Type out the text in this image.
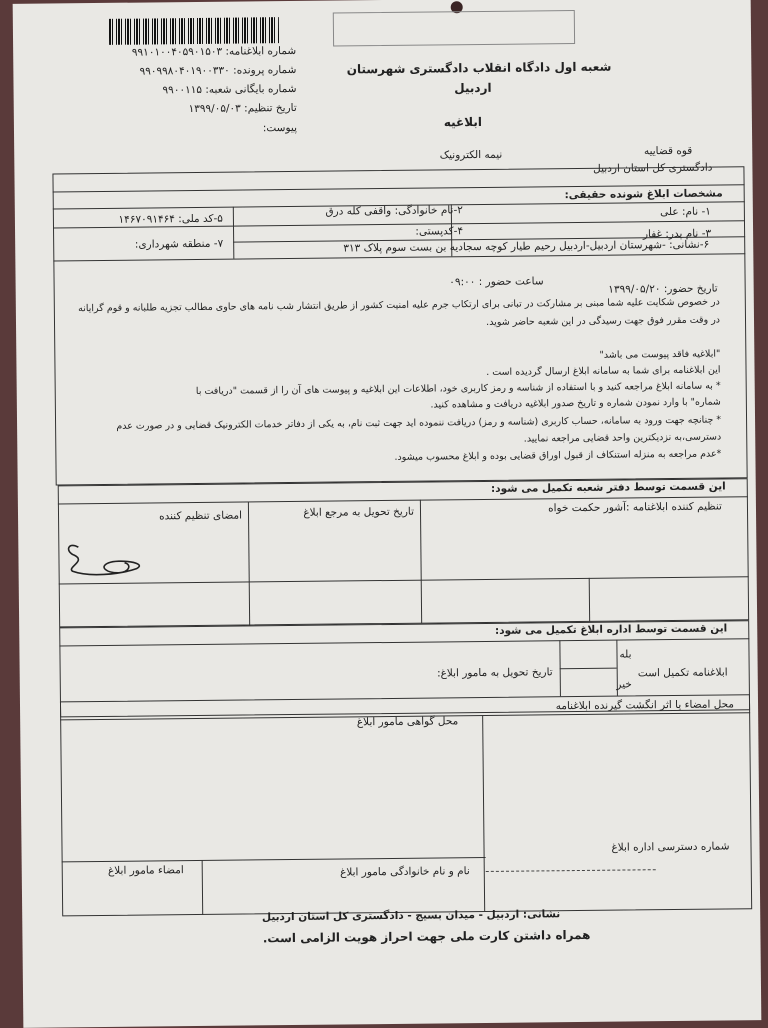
شماره ابلاغنامه: ۹۹۱۰۱۰۰۴۰۵۹۰۱۵۰۳
شماره پرونده: ۹۹۰۹۹۸۰۴۰۱۹۰۰۳۳۰
شماره بایگانی شعبه: ۹۹۰۰۱۱۵
تاریخ تنظیم: ۱۳۹۹/۰۵/۰۳
پیوست:
شعبه اول دادگاه انقلاب دادگستری شهرستان
اردبیل
ابلاغیه
قوه قضاییه
دادگستری کل استان اردبیل
نیمه الکترونیک
مشخصات ابلاغ شونده حقیقی:
۱- نام: علی
۲-نام خانوادگی: واقفی کله درق
۴-کدپستی:
۵-کد ملی: ۱۴۶۷۰۹۱۴۶۴
۳- نام پدر: غفار
۷- منطقه شهرداری:	۶-نشانی: -شهرستان اردبیل-اردبیل رحیم طیار کوچه سجادیه بن بست سوم پلاک ۳۱۳
تاریخ حضور: ۱۳۹۹/۰۵/۲۰
ساعت حضور : ۰۹:۰۰
در خصوص شکایت علیه شما مبنی بر مشارکت در تبانی برای ارتکاب جرم علیه امنیت کشور از طریق انتشار شب نامه های حاوی مطالب تجزیه طلبانه و قوم گرایانه
در وقت مقرر فوق جهت رسیدگی در این شعبه حاضر شوید.
"ابلاغیه فاقد پیوست می باشد"
این ابلاغنامه برای شما به سامانه ابلاغ ارسال گردیده است .
* به سامانه ابلاغ مراجعه کنید و با استفاده از شناسه و رمز کاربری خود، اطلاعات این ابلاغیه و پیوست های آن را از قسمت "دریافت با
شماره" با وارد نمودن شماره و تاریخ صدور ابلاغیه دریافت و مشاهده کنید.
* چنانچه جهت ورود به سامانه، حساب کاربری (شناسه و رمز) دریافت ننموده اید جهت ثبت نام، به یکی از دفاتر خدمات الکترونیک قضایی و در صورت عدم
دسترسی،به نزدیکترین واحد قضایی مراجعه نمایید.
*عدم مراجعه به منزله استنکاف از قبول اوراق قضایی بوده و ابلاغ محسوب میشود.
این قسمت توسط دفتر شعبه تکمیل می شود:
تنظیم کننده ابلاغنامه :آشور حکمت خواه
تاریخ تحویل به مرجع ابلاغ
امضای تنظیم کننده
این قسمت توسط اداره ابلاغ تکمیل می شود:
بله
خیر
ابلاغنامه تکمیل است
تاریخ تحویل به مامور ابلاغ:
محل امضاء یا اثر انگشت گیرنده ابلاغنامه
محل گواهی مامور ابلاغ
شماره دسترسی اداره ابلاغ
نام و نام خانوادگی مامور ابلاغ
امضاء مامور ابلاغ
نشانی: اردبیل - میدان بسیج - دادگستری کل استان اردبیل
همراه داشتن کارت ملی جهت احراز هویت الزامی است.
